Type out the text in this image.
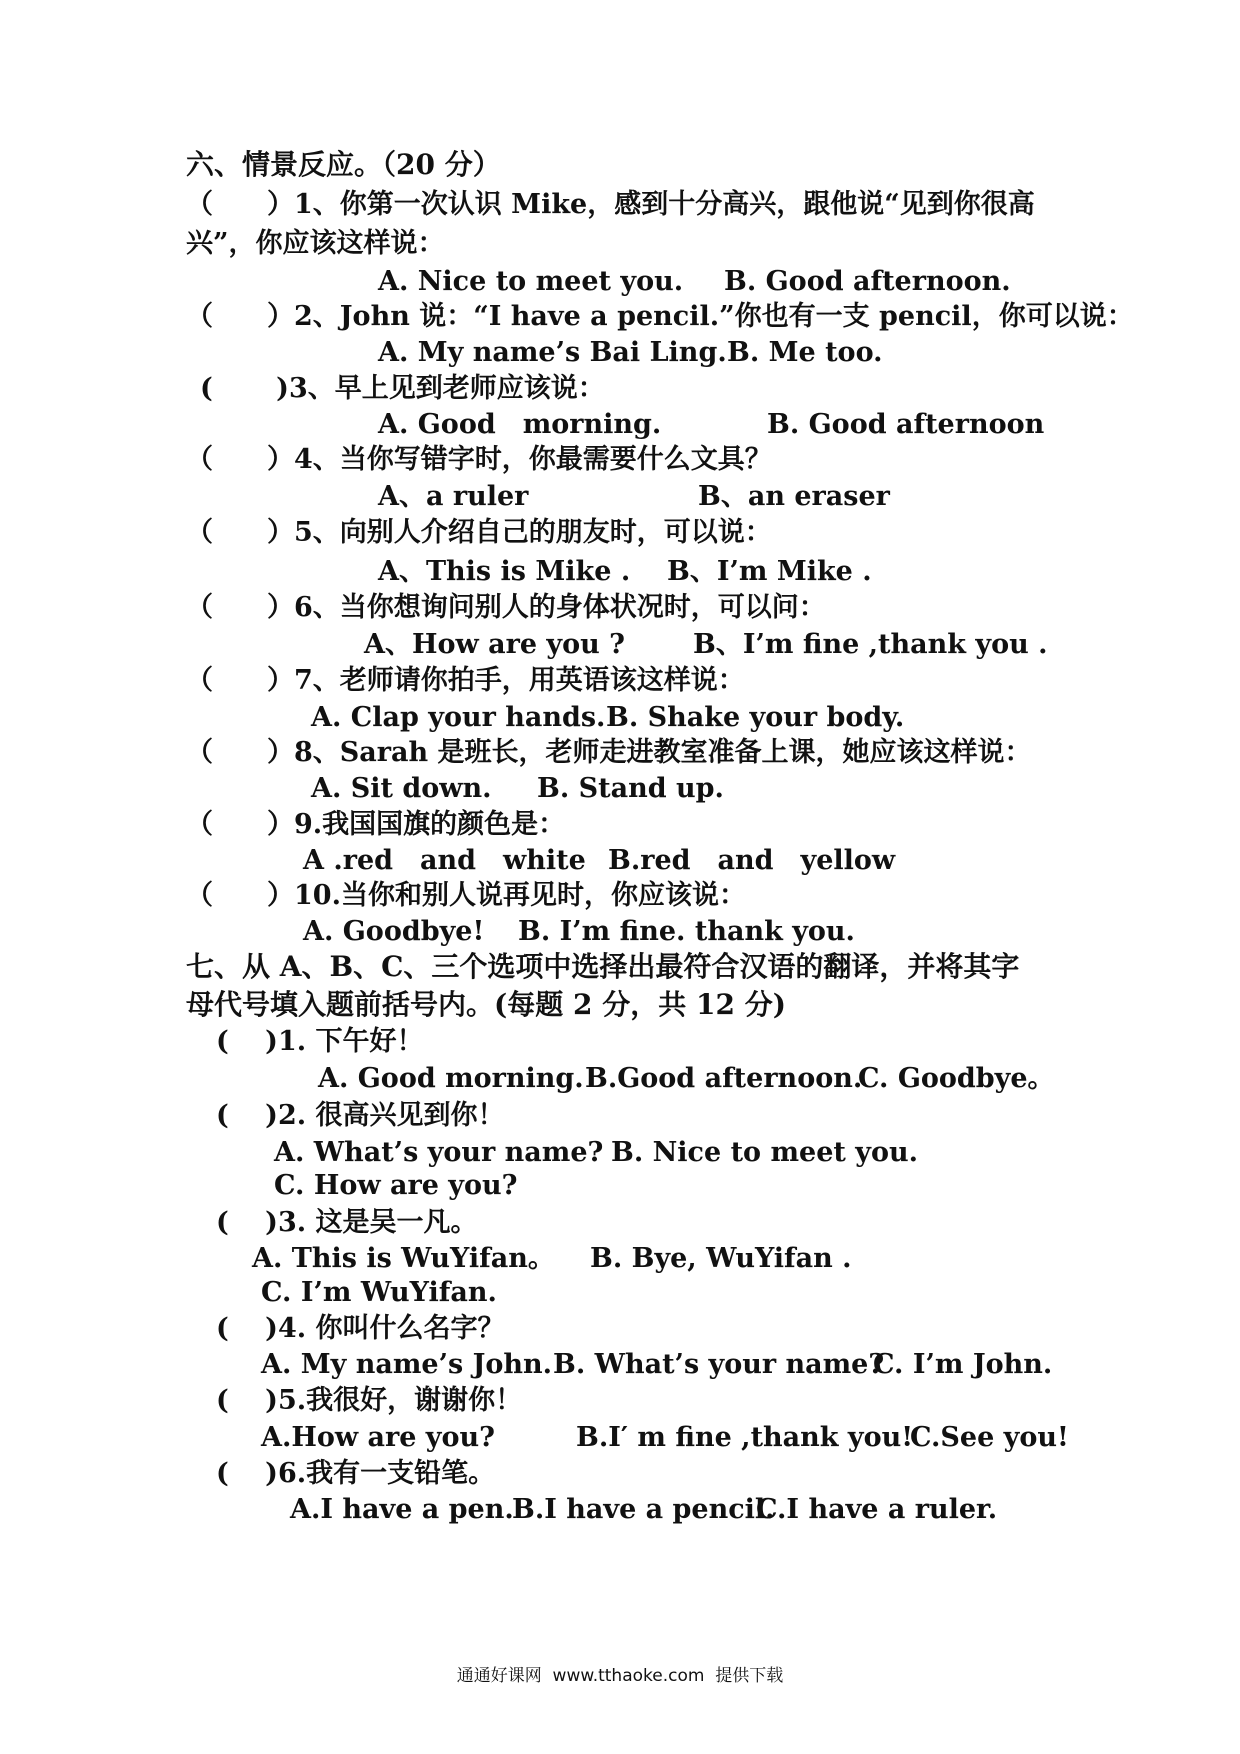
六、情景反应。（20 分）
（　　）1、你第一次认识 Mike，感到十分高兴，跟他说“见到你很高
兴”，你应该这样说：
A. Nice to meet you. B. Good afternoon.
（　　）2、John 说：“I have a pencil.”你也有一支 pencil，你可以说：
A. My name’s Bai Ling. B. Me too.
(　　 )3、早上见到老师应该说：
A. Good　morning.	B. Good afternoon
（　　）4、当你写错字时，你最需要什么文具？
A、a ruler	B、an eraser
（　　）5、向别人介绍自己的朋友时，可以说：
A、This is Mike . B、I’m Mike .
（　　）6、当你想询问别人的身体状况时，可以问：
A、How are you ?	B、I’m fine ,thank you .
（　　）7、老师请你拍手，用英语该这样说：
A. Clap your hands. B. Shake your body.
（　　）8、Sarah 是班长，老师走进教室准备上课，她应该这样说：
A. Sit down. B. Stand up.
（　　）9.我国国旗的颜色是：
A .red　and　white B.red　and　yellow
（　　）10.当你和别人说再见时，你应该说：
A. Goodbye! B. I’m fine. thank you.
七、从 A、B、C、三个选项中选择出最符合汉语的翻译，并将其字
母代号填入题前括号内。(每题 2 分，共 12 分)
(　 )1. 下午好！
A. Good morning. B.Good afternoon.
C. Goodbye。
(　 )2. 很高兴见到你！
A. What’s your name? B. Nice to meet you.
C. How are you?
(　 )3. 这是吴一凡。
A. This is WuYifan。 B. Bye, WuYifan .
C. I’m WuYifan.
(　 )4. 你叫什么名字？
A. My name’s John. B. What’s your name?
C. I’m John.
(　 )5.我很好，谢谢你！
A.How are you?	B.I′ m fine ,thank you!
C.See you!
(　 )6.我有一支铅笔。
A.I have a pen.
B.I have a pencil.
C.I have a ruler.
通通好课网  www.tthaoke.com  提供下载
